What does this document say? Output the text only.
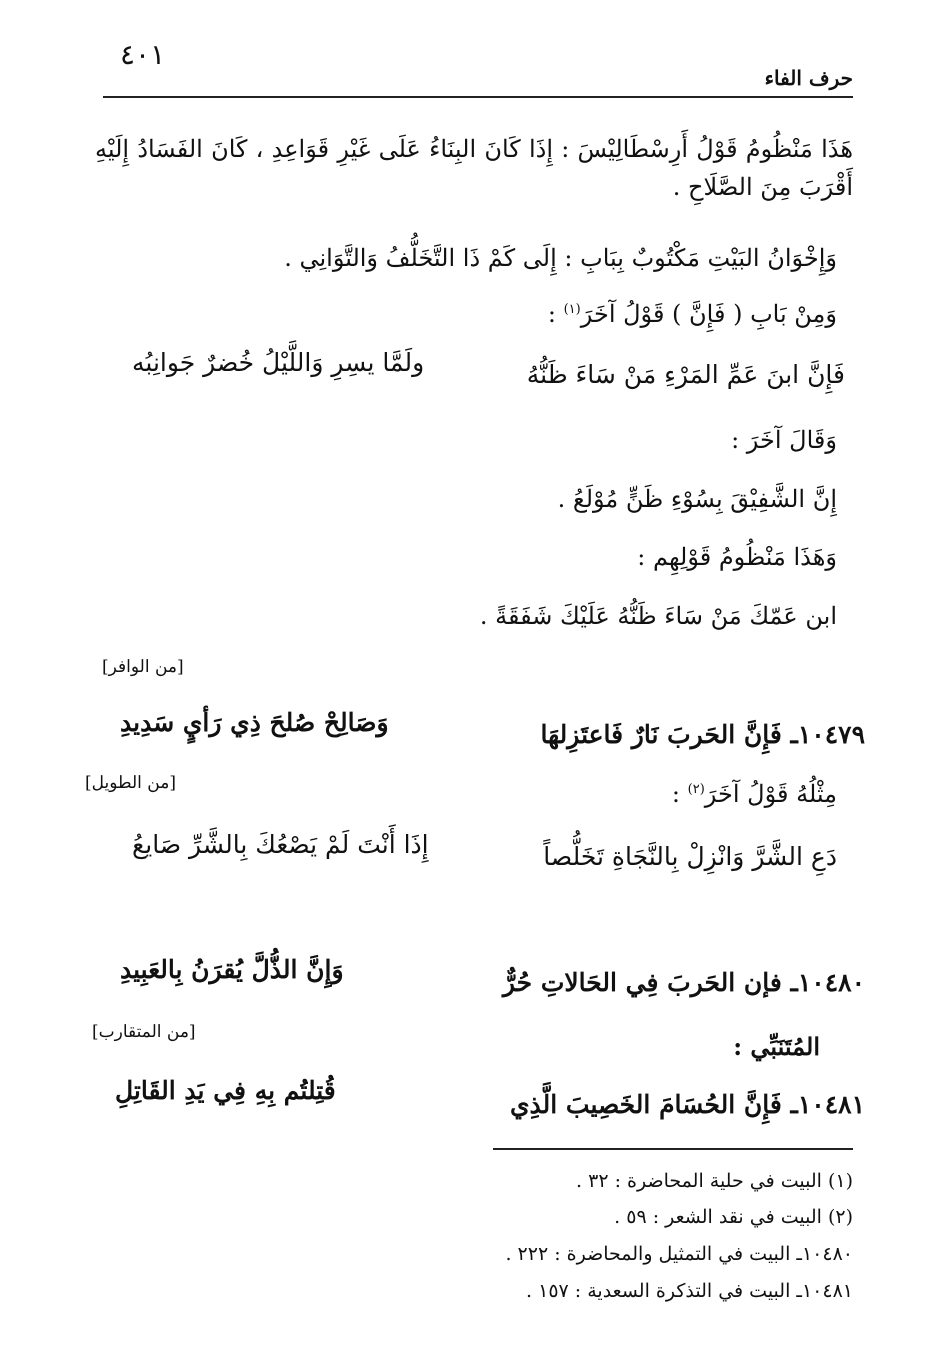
٤٠١
حرف الفاء
هَذَا مَنْظُومُ قَوْلُ أَرِسْطَالِيْسَ : إِذَا كَانَ البِنَاءُ عَلَى غَيْرِ قَوَاعِدِ ، كَانَ الفَسَادُ إِلَيْهِ أَقْرَبَ مِنَ الصَّلَاحِ .
وَإِخْوَانُ البَيْتِ مَكْتُوبٌ بِبَابِ : إِلَى كَمْ ذَا التَّخَلُّفُ وَالتَّوَانِي .
وَمِنْ بَابِ ( فَإِنَّ ) قَوْلُ آخَرَ$^{(١)}$ :
فَإِنَّ ابنَ عَمِّ المَرْءِ مَنْ سَاءَ ظَنُّهُ
ولَمَّا يسِرِ وَاللَّيْلُ خُضرٌ جَوانِبُه
وَقَالَ آخَرَ :
إِنَّ الشَّفِيْقَ بِسُوْءِ ظَنٍّ مُوْلَعُ .
وَهَذَا مَنْظُومُ قَوْلِهِم :
ابن عَمّكَ مَنْ سَاءَ ظَنُّهُ عَلَيْكَ شَفَقَةً .
[من الوافر]
١٠٤٧٩ـ فَإِنَّ الحَربَ نَارٌ فَاعتَزِلهَا
وَصَالِحْ صُلحَ ذِي رَأيٍ سَدِيدِ
[من الطويل]	مِثْلُهُ قَوْلُ آخَرَ$^{(٢)}$ :
دَعِ الشَّرَّ وَانْزِلْ بِالنَّجَاةِ تَخَلُّصاً
إِذَا أَنْتَ لَمْ يَصْعُكَ بِالشَّرِّ صَايعُ
١٠٤٨٠ـ فإن الحَربَ فِي الحَالاتِ حُرٌّ
وَإِنَّ الذُّلَّ يُقرَنُ بِالعَبِيدِ
[من المتقارب]	المُتَنَبِّي :
١٠٤٨١ـ فَإِنَّ الحُسَامَ الخَصِيبَ الَّذِي
قُتِلتُم بِهِ فِي يَدِ القَاتِلِ
(١) البيت في حلية المحاضرة : ٣٢ .
(٢) البيت في نقد الشعر : ٥٩ .
١٠٤٨٠ـ البيت في التمثيل والمحاضرة : ٢٢٢ .
١٠٤٨١ـ البيت في التذكرة السعدية : ١٥٧ .
